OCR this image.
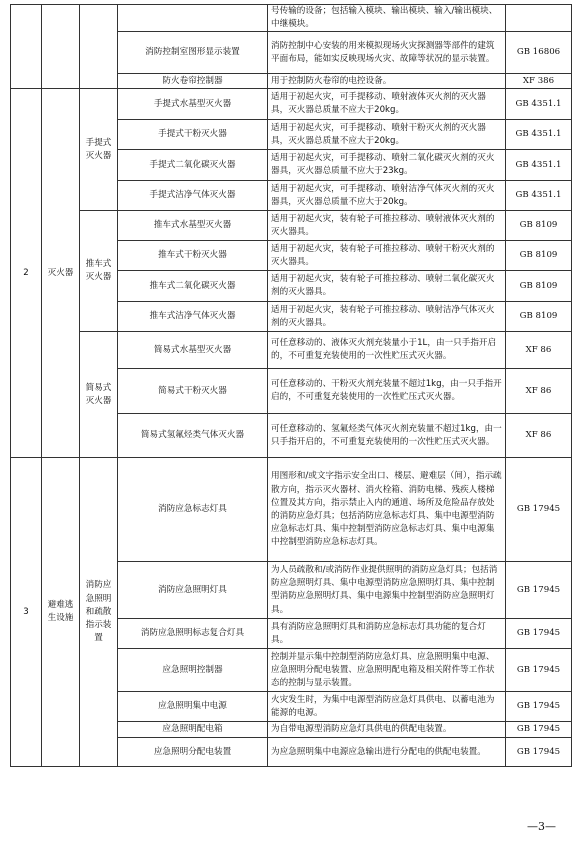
				号传输的设备；包括输入模块、输出模块、输入/输出模块、中继模块。	
			消防控制室图形显示装置	消防控制中心安装的用来模拟现场火灾探测器等部件的建筑平面布局，能如实反映现场火灾、故障等状况的显示装置。	GB 16806
			防火卷帘控制器	用于控制防火卷帘的电控设备。	XF 386
2	灭火器	手提式灭火器	手提式水基型灭火器	适用于初起火灾，可手提移动、喷射液体灭火剂的灭火器具，灭火器总质量不应大于20kg。	GB 4351.1
			手提式干粉灭火器	适用于初起火灾，可手提移动、喷射干粉灭火剂的灭火器具，灭火器总质量不应大于20kg。	GB 4351.1
			手提式二氧化碳灭火器	适用于初起火灾，可手提移动、喷射二氧化碳灭火剂的灭火器具，灭火器总质量不应大于23kg。	GB 4351.1
			手提式洁净气体灭火器	适用于初起火灾，可手提移动、喷射洁净气体灭火剂的灭火器具，灭火器总质量不应大于20kg。	GB 4351.1
		推车式灭火器	推车式水基型灭火器	适用于初起火灾，装有轮子可推拉移动、喷射液体灭火剂的灭火器具。	GB 8109
			推车式干粉灭火器	适用于初起火灾，装有轮子可推拉移动、喷射干粉灭火剂的灭火器具。	GB 8109
			推车式二氧化碳灭火器	适用于初起火灾，装有轮子可推拉移动、喷射二氧化碳灭火剂的灭火器具。	GB 8109
			推车式洁净气体灭火器	适用于初起火灾，装有轮子可推拉移动、喷射洁净气体灭火剂的灭火器具。	GB 8109
		简易式灭火器	简易式水基型灭火器	可任意移动的、液体灭火剂充装量小于1L，由一只手指开启的，不可重复充装使用的一次性贮压式灭火器。	XF 86
			简易式干粉灭火器	可任意移动的、干粉灭火剂充装量不超过1kg，由一只手指开启的，不可重复充装使用的一次性贮压式灭火器。	XF 86
			简易式氢氟烃类气体灭火器	可任意移动的、氢氟烃类气体灭火剂充装量不超过1kg，由一只手指开启的，不可重复充装使用的一次性贮压式灭火器。	XF 86
3	避难逃生设施	消防应急照明和疏散指示装置	消防应急标志灯具	用图形和/或文字指示安全出口、楼层、避难层（间），指示疏散方向，指示灭火器材、消火栓箱、消防电梯、残疾人楼梯位置及其方向，指示禁止入内的通道、场所及危险品存放处的消防应急灯具；包括消防应急标志灯具、集中电源型消防应急标志灯具、集中控制型消防应急标志灯具、集中电源集中控制型消防应急标志灯具。	GB 17945
			消防应急照明灯具	为人员疏散和/或消防作业提供照明的消防应急灯具；包括消防应急照明灯具、集中电源型消防应急照明灯具、集中控制型消防应急照明灯具、集中电源集中控制型消防应急照明灯具。	GB 17945
			消防应急照明标志复合灯具	具有消防应急照明灯具和消防应急标志灯具功能的复合灯具。	GB 17945
			应急照明控制器	控制并显示集中控制型消防应急灯具、应急照明集中电源、应急照明分配电装置、应急照明配电箱及相关附件等工作状态的控制与显示装置。	GB 17945
			应急照明集中电源	火灾发生时，为集中电源型消防应急灯具供电、以蓄电池为能源的电源。	GB 17945
			应急照明配电箱	为自带电源型消防应急灯具供电的供配电装置。	GB 17945
			应急照明分配电装置	为应急照明集中电源应急输出进行分配电的供配电装置。	GB 17945
—3—
